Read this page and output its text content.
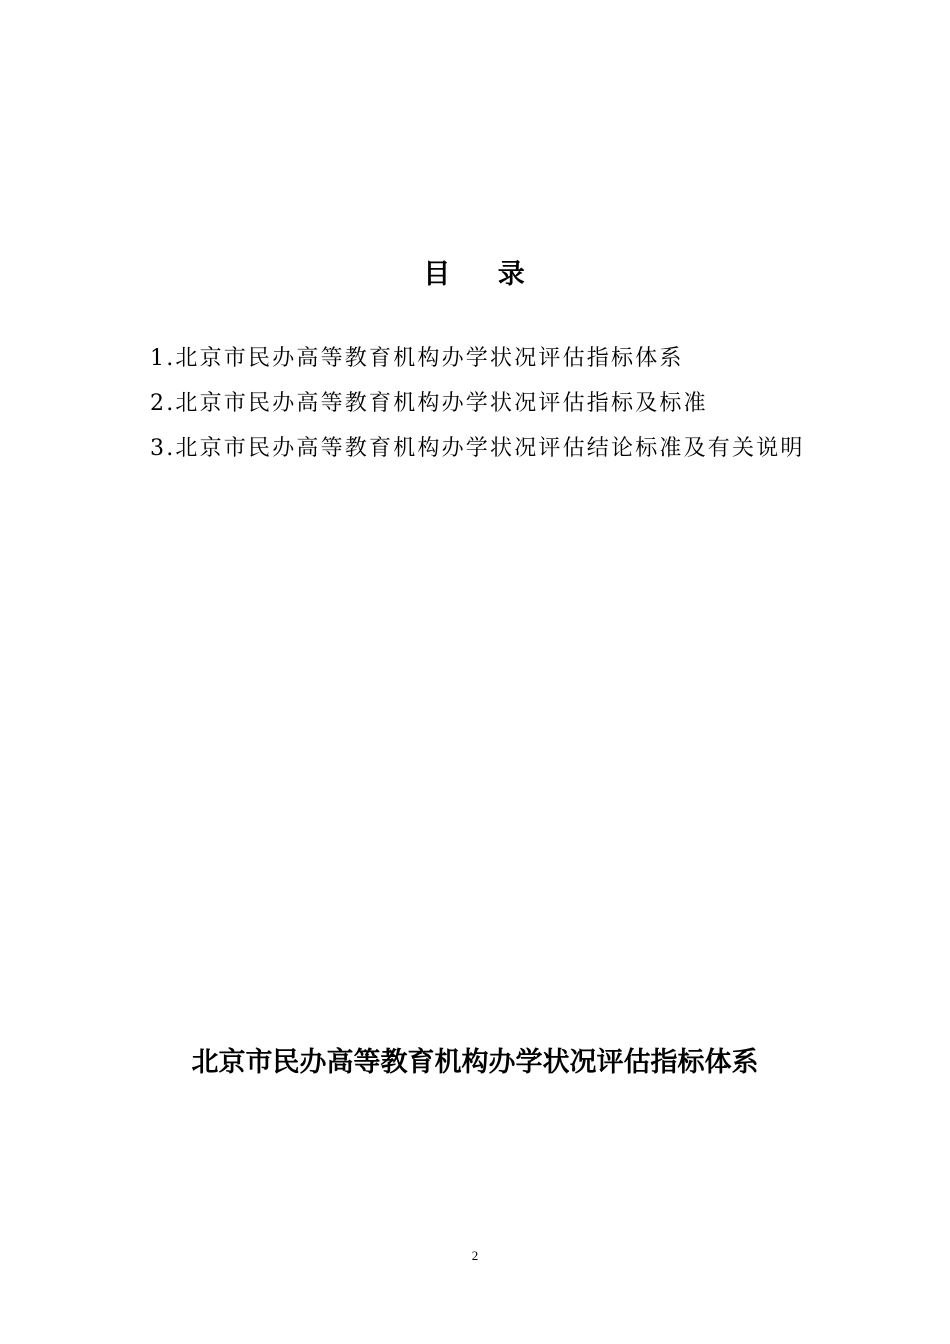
目    录
1.北京市民办高等教育机构办学状况评估指标体系
2.北京市民办高等教育机构办学状况评估指标及标准
3.北京市民办高等教育机构办学状况评估结论标准及有关说明
北京市民办高等教育机构办学状况评估指标体系
2
